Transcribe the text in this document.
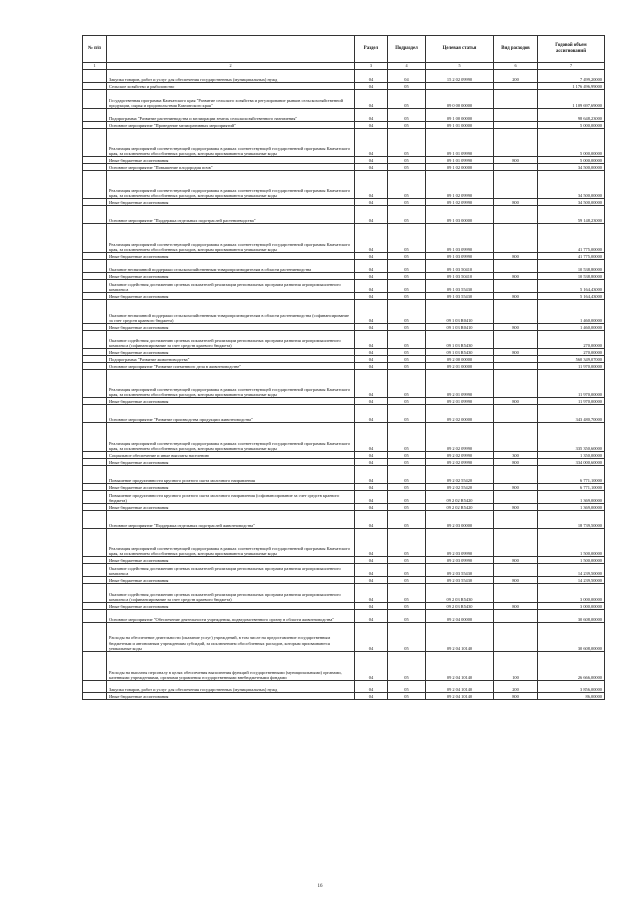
№ п/п		Раздел	Подраздел	Целевая статья	Вид расходов	Годовой объем ассигнований
1	2	3	4	5	6	7
	Закупка товаров, работ и услуг для обеспечения государственных (муниципальных) нужд	04	04	15 2 02 09990	200	7 499,20000
	Сельское хозяйство и рыболовство	04	05			1 176 496,99000
	Государственная программа Камчатского края "Развитие сельского хозяйства и регулирование рынков сельскохозяйственной продукции, сырья и продовольствия Камчатского края"	04	05	09 0 00 00000		1 109 697,69000
	Подпрограмма "Развитие растениеводства и мелиорации земель сельскохозяйственного назначения"	04	05	09 1 00 00000		98 648,23000
	Основное мероприятие "Проведение мелиоративных мероприятий"	04	05	09 1 01 00000		5 000,00000
	Реализация мероприятий соответствующей подпрограммы в рамках соответствующей государственной программы Камчатского края, за исключением обособленных расходов, которым присваиваются уникальные коды	04	05	09 1 01 09990		5 000,00000
	Иные бюджетные ассигнования	04	05	09 1 01 09990	800	5 000,00000
	Основное мероприятие "Повышение плодородия почв"	04	05	09 1 02 00000		34 500,00000
	Реализация мероприятий соответствующей подпрограммы в рамках соответствующей государственной программы Камчатского края, за исключением обособленных расходов, которым присваиваются уникальные коды	04	05	09 1 02 09990		34 500,00000
	Иные бюджетные ассигнования	04	05	09 1 02 09990	800	34 500,00000
	Основное мероприятие "Поддержка отдельных подотраслей растениеводства"	04	05	09 1 03 00000		59 148,23000
	Реализация мероприятий соответствующей подпрограммы в рамках соответствующей государственной программы Камчатского края, за исключением обособленных расходов, которым присваиваются уникальные коды	04	05	09 1 03 09990		41 775,00000
	Иные бюджетные ассигнования	04	05	09 1 03 09990	800	41 775,00000
	Оказание несвязанной поддержки сельскохозяйственным товаропроизводителям в области растениеводства	04	05	09 1 03 50410		10 538,80000
	Иные бюджетные ассигнования	04	05	09 1 03 50410	800	10 538,80000
	Оказание содействия достижению целевых показателей реализации региональных программ развития агропромышленного комплекса	04	05	09 1 03 55430		5 164,43000
	Иные бюджетные ассигнования	04	05	09 1 03 55430	800	5 164,43000
	Оказание несвязанной поддержки сельскохозяйственным товаропроизводителям в области растениеводства (софинансирование за счет средств краевого бюджета)	04	05	09 1 03 R0410		1 460,00000
	Иные бюджетные ассигнования	04	05	09 1 03 R0410	800	1 460,00000
	Оказание содействия достижению целевых показателей реализации региональных программ развития агропромышленного комплекса (софинансирование за счет средств краевого бюджета)	04	05	09 1 03 R5430		270,00000
	Иные бюджетные ассигнования	04	05	09 1 03 R5430	800	270,00000
	Подпрограмма "Развитие животноводства"	04	05	09 2 00 00000		560 349,07000
	Основное мероприятие "Развитие племенного дела в животноводстве"	04	05	09 2 01 00000		11 970,00000
	Реализация мероприятий соответствующей подпрограммы в рамках соответствующей государственной программы Камчатского края, за исключением обособленных расходов, которым присваиваются уникальные коды	04	05	09 2 01 09990		11 970,00000
	Иные бюджетные ассигнования	04	05	09 2 01 09990	800	11 970,00000
	Основное мероприятие "Развитие производства продукции животноводства"	04	05	09 2 02 00000		343 480,70000
	Реализация мероприятий соответствующей подпрограммы в рамках соответствующей государственной программы Камчатского края, за исключением обособленных расходов, которым присваиваются уникальные коды	04	05	09 2 02 09990		335 350,60000
	Социальное обеспечение и иные выплаты населению	04	05	09 2 02 09990	300	1 350,00000
	Иные бюджетные ассигнования	04	05	09 2 02 09990	800	334 000,60000
	Повышение продуктивности крупного рогатого скота молочного направления	04	05	09 2 02 55420		6 771,10000
	Иные бюджетные ассигнования	04	05	09 2 02 55420	800	6 771,10000
	Повышение продуктивности крупного рогатого скота молочного направления (софинансирование за счет средств краевого бюджета)	04	05	09 2 02 R5420		1 369,00000
	Иные бюджетные ассигнования	04	05	09 2 02 R5420	800	1 369,00000
	Основное мероприятие "Поддержка отдельных подотраслей животноводства"	04	05	09 2 03 00000		18 739,50000
	Реализация мероприятий соответствующей подпрограммы в рамках соответствующей государственной программы Камчатского края, за исключением обособленных расходов, которым присваиваются уникальные коды	04	05	09 2 03 09990		1 500,00000
	Иные бюджетные ассигнования	04	05	09 2 03 09990	800	1 500,00000
	Оказание содействия достижению целевых показателей реализации региональных программ развития агропромышленного комплекса	04	05	09 2 03 55430		14 239,50000
	Иные бюджетные ассигнования	04	05	09 2 03 55430	800	14 239,50000
	Оказание содействия достижению целевых показателей реализации региональных программ развития агропромышленного комплекса (софинансирование за счет средств краевого бюджета)	04	05	09 2 03 R5430		3 000,00000
	Иные бюджетные ассигнования	04	05	09 2 03 R5430	800	3 000,00000
	Основное мероприятие "Обеспечение деятельности учреждения, подведомственного органу в области животноводства"	04	05	09 2 04 00000		30 608,00000
	Расходы на обеспечение деятельности (оказание услуг) учреждений, в том числе на предоставление государственным бюджетным и автономным учреждениям субсидий, за исключением обособленных расходов, которым присваиваются уникальные коды	04	05	09 2 04 10140		30 608,00000
	Расходы на выплаты персоналу в целях обеспечения выполнения функций государственными (муниципальными) органами, казенными учреждениями, органами управления государственными внебюджетными фондами	04	05	09 2 04 10140	100	26 666,00000
	Закупка товаров, работ и услуг для обеспечения государственных (муниципальных) нужд	04	05	09 2 04 10140	200	3 856,00000
	Иные бюджетные ассигнования	04	05	09 2 04 10140	800	86,00000
16
